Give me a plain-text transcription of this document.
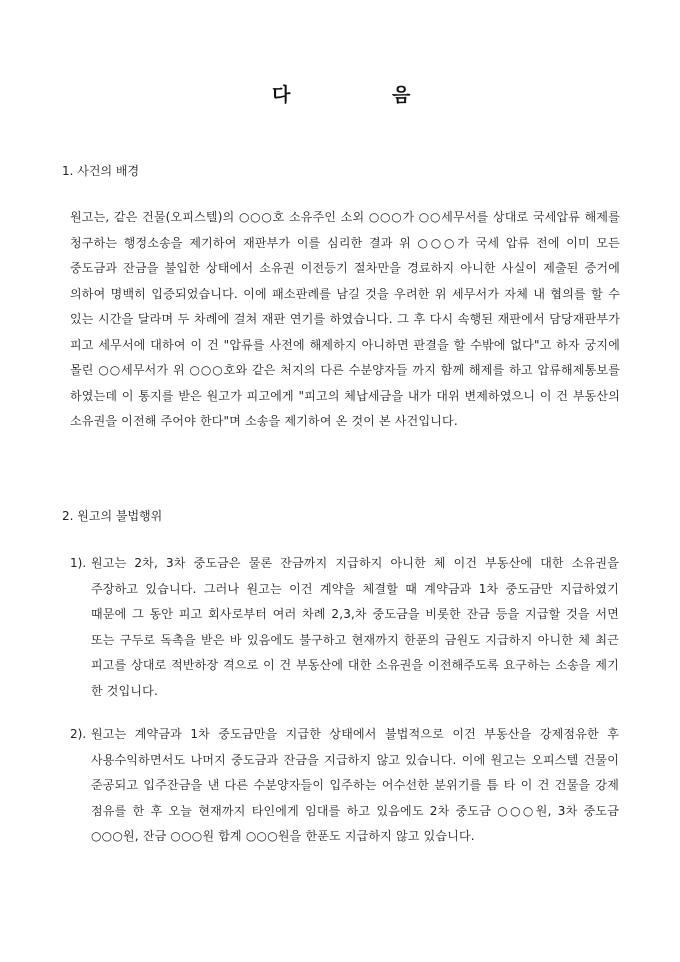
다	음
1. 사건의 배경

원고는, 같은 건물(오피스텔)의 ○○○호 소유주인 소외 ○○○가 ○○세무서를 상대로 국세압류 해제를 청구하는 행정소송을 제기하여 재판부가 이를 심리한 결과 위 ○○○가 국세 압류 전에 이미 모든 중도금과 잔금을 불입한 상태에서 소유권 이전등기 절차만을 경료하지 아니한 사실이 제출된 증거에 의하여 명백히 입증되었습니다. 이에 패소판례를 남길 것을 우려한 위 세무서가 자체 내 협의를 할 수 있는 시간을 달라며 두 차례에 걸쳐 재판 연기를 하였습니다. 그 후 다시 속행된 재판에서 담당재판부가 피고 세무서에 대하여 이 건 "압류를 사전에 해제하지 아니하면 판결을 할 수밖에 없다"고 하자 궁지에 몰린 ○○세무서가 위 ○○○호와 같은 처지의 다른 수분양자들 까지 함께 해제를 하고 압류해제통보를 하였는데 이 통지를 받은 원고가 피고에게 "피고의 체납세금을 내가 대위 변제하였으니 이 건 부동산의 소유권을 이전해 주어야 한다"며 소송을 제기하여 온 것이 본 사건입니다.

2. 원고의 불법행위
1). 원고는 2차, 3차 중도금은 물론 잔금까지 지급하지 아니한 체 이건 부동산에 대한 소유권을 주장하고 있습니다. 그러나 원고는 이건 계약을 체결할 때 계약금과 1차 중도금만 지급하였기 때문에 그 동안 피고 회사로부터 여러 차례 2,3,차 중도금을 비롯한 잔금 등을 지급할 것을 서면 또는 구두로 독촉을 받은 바 있음에도 불구하고 현재까지 한푼의 금원도 지급하지 아니한 체 최근 피고를 상대로 적반하장 격으로 이 건 부동산에 대한 소유권을 이전해주도록 요구하는 소송을 제기 한 것입니다.

2). 원고는 계약금과 1차 중도금만을 지급한 상태에서 불법적으로 이건 부동산을 강제점유한 후 사용수익하면서도 나머지 중도금과 잔금을 지급하지 않고 있습니다. 이에 원고는 오피스텔 건물이 준공되고 입주잔금을 낸 다른 수분양자들이 입주하는 어수선한 분위기를 틈 타 이 건 건물을 강제 점유를 한 후 오늘 현재까지 타인에게 임대를 하고 있음에도 2차 중도금 ○○○원, 3차 중도금 ○○○원, 잔금 ○○○원 합계 ○○○원을 한푼도 지급하지 않고 있습니다.
